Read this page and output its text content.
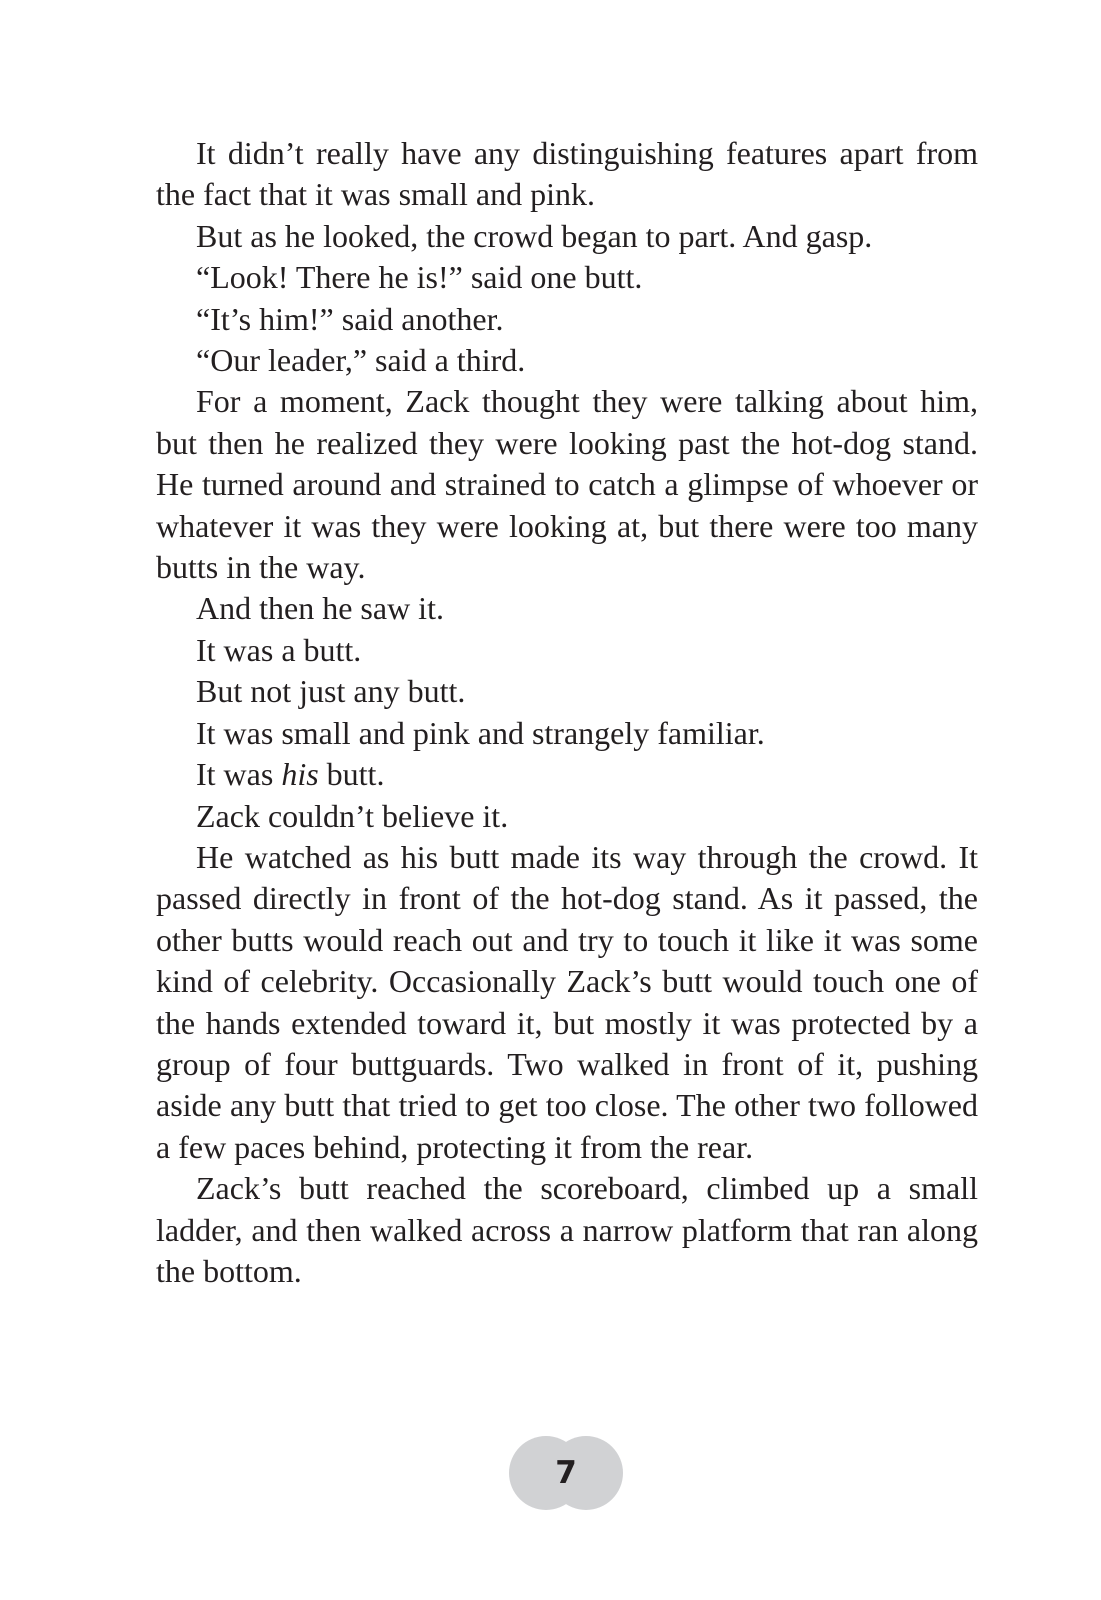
It didn’t really have any distinguishing features apart from the fact that it was small and pink.

But as he looked, the crowd began to part. And gasp.

“Look! There he is!” said one butt.

“It’s him!” said another.

“Our leader,” said a third.

For a moment, Zack thought they were talking about him, but then he realized they were looking past the hot-dog stand. He turned around and strained to catch a glimpse of whoever or whatever it was they were looking at, but there were too many butts in the way.

And then he saw it.

It was a butt.

But not just any butt.

It was small and pink and strangely familiar.

It was his butt.

Zack couldn’t believe it.

He watched as his butt made its way through the crowd. It passed directly in front of the hot-dog stand. As it passed, the other butts would reach out and try to touch it like it was some kind of celebrity. Occasionally Zack’s butt would touch one of the hands extended toward it, but mostly it was protected by a group of four buttguards. Two walked in front of it, pushing aside any butt that tried to get too close. The other two followed a few paces behind, protecting it from the rear.

Zack’s butt reached the scoreboard, climbed up a small ladder, and then walked across a narrow platform that ran along the bottom.

7
